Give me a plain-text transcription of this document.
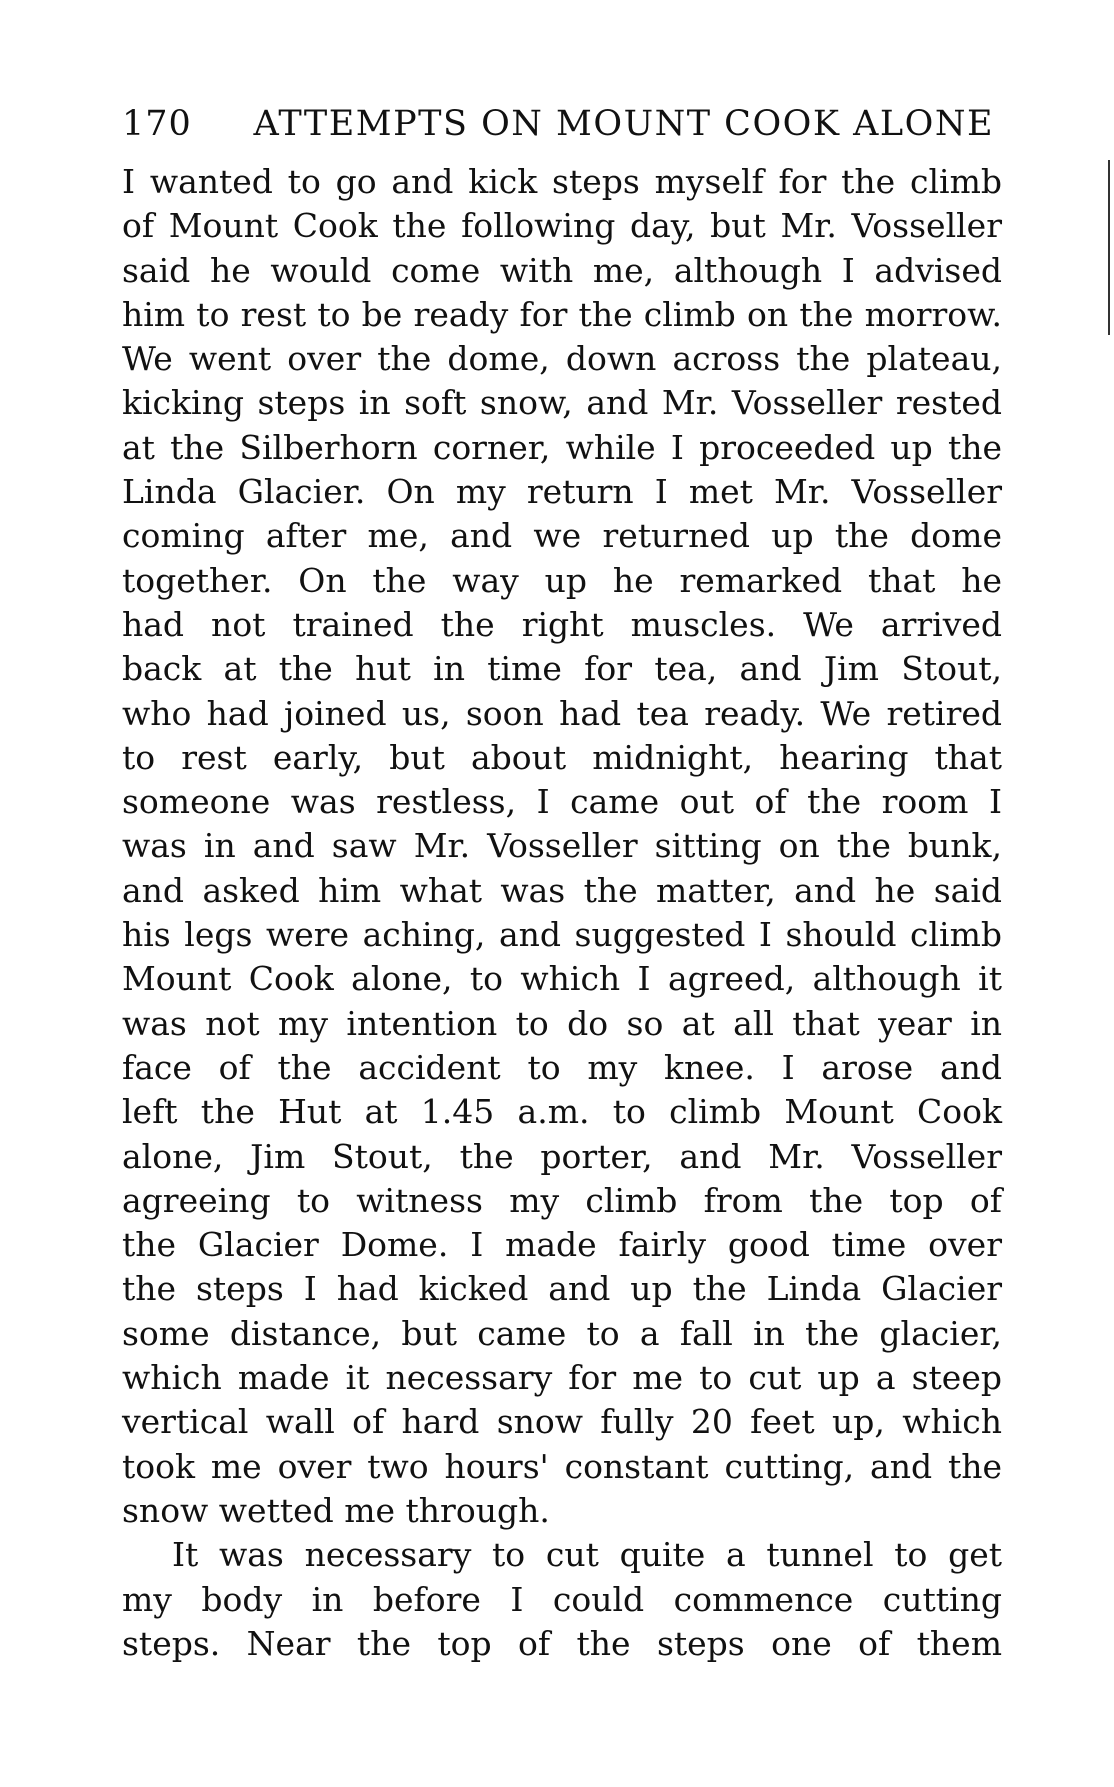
170 ATTEMPTS ON MOUNT COOK ALONE
I wanted to go and kick steps myself for the climb
of Mount Cook the following day, but Mr. Vosseller
said he would come with me, although I advised
him to rest to be ready for the climb on the morrow.
We went over the dome, down across the plateau,
kicking steps in soft snow, and Mr. Vosseller rested
at the Silberhorn corner, while I proceeded up the
Linda Glacier. On my return I met Mr. Vosseller
coming after me, and we returned up the dome
together. On the way up he remarked that he
had not trained the right muscles. We arrived
back at the hut in time for tea, and Jim Stout,
who had joined us, soon had tea ready. We retired
to rest early, but about midnight, hearing that
someone was restless, I came out of the room I
was in and saw Mr. Vosseller sitting on the bunk,
and asked him what was the matter, and he said
his legs were aching, and suggested I should climb
Mount Cook alone, to which I agreed, although it
was not my intention to do so at all that year in
face of the accident to my knee. I arose and
left the Hut at 1.45 a.m. to climb Mount Cook
alone, Jim Stout, the porter, and Mr. Vosseller
agreeing to witness my climb from the top of
the Glacier Dome. I made fairly good time over
the steps I had kicked and up the Linda Glacier
some distance, but came to a fall in the glacier,
which made it necessary for me to cut up a steep
vertical wall of hard snow fully 20 feet up, which
took me over two hours' constant cutting, and the
snow wetted me through.
It was necessary to cut quite a tunnel to get
my body in before I could commence cutting
steps. Near the top of the steps one of them
